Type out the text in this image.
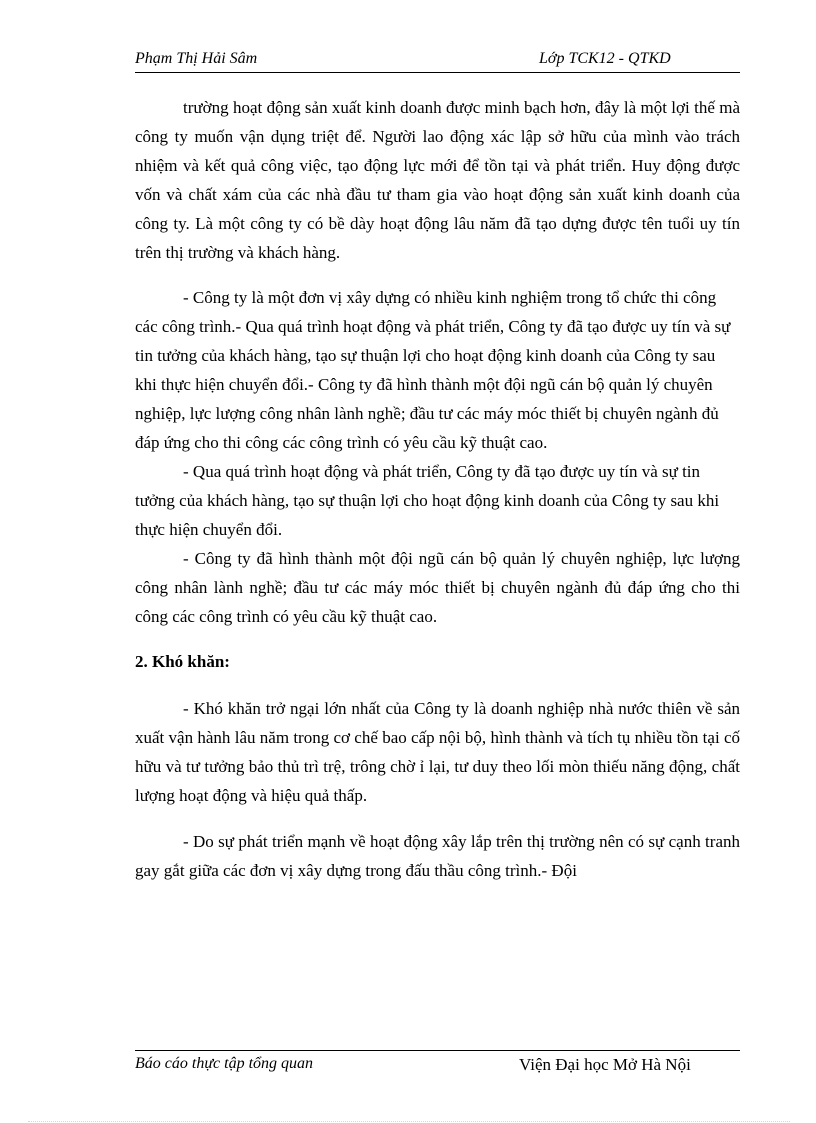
Phạm Thị Hải Sâm	Lớp TCK12 - QTKD

trường hoạt động sản xuất kinh doanh được minh bạch hơn, đây là một lợi thế mà công ty muốn vận dụng triệt để. Người lao động xác lập sở hữu của mình vào trách nhiệm và kết quả công việc, tạo động lực mới để tồn tại và phát triển. Huy động được vốn và chất xám của các nhà đầu tư tham gia vào hoạt động sản xuất kinh doanh của công ty. Là một công ty có bề dày hoạt động lâu năm đã tạo dựng được tên tuổi uy tín trên thị trường và khách hàng.

- Công ty là một đơn vị xây dựng có nhiều kinh nghiệm trong tổ chức thi công các công trình.- Qua quá trình hoạt động và phát triển, Công ty đã tạo được uy tín và sự tin tưởng của khách hàng, tạo sự thuận lợi cho hoạt động kinh doanh của Công ty sau khi thực hiện chuyển đổi.- Công ty đã hình thành một đội ngũ cán bộ quản lý chuyên nghiệp, lực lượng công nhân lành nghề; đầu tư các máy móc thiết bị chuyên ngành đủ đáp ứng cho thi công các công trình có yêu cầu kỹ thuật cao.

- Qua quá trình hoạt động và phát triển, Công ty đã tạo được uy tín và sự tin tưởng của khách hàng, tạo sự thuận lợi cho hoạt động kinh doanh của Công ty sau khi thực hiện chuyển đổi.

- Công ty đã hình thành một đội ngũ cán bộ quản lý chuyên nghiệp, lực lượng công nhân lành nghề; đầu tư các máy móc thiết bị chuyên ngành đủ đáp ứng cho thi công các công trình có yêu cầu kỹ thuật cao.

2. Khó khăn:

- Khó khăn trở ngại lớn nhất của Công ty là doanh nghiệp nhà nước thiên về sản xuất vận hành lâu năm trong cơ chế bao cấp nội bộ, hình thành và tích tụ nhiều tồn tại cố hữu và tư tưởng bảo thủ trì trệ, trông chờ ỉ lại, tư duy theo lối mòn thiếu năng động, chất lượng hoạt động và hiệu quả thấp.

- Do sự phát triển mạnh về hoạt động xây lắp trên thị trường nên có sự cạnh tranh gay gắt giữa các đơn vị xây dựng trong đấu thầu công trình.- Đội

Báo cáo thực tập tổng quan	Viện Đại học Mở Hà Nội
